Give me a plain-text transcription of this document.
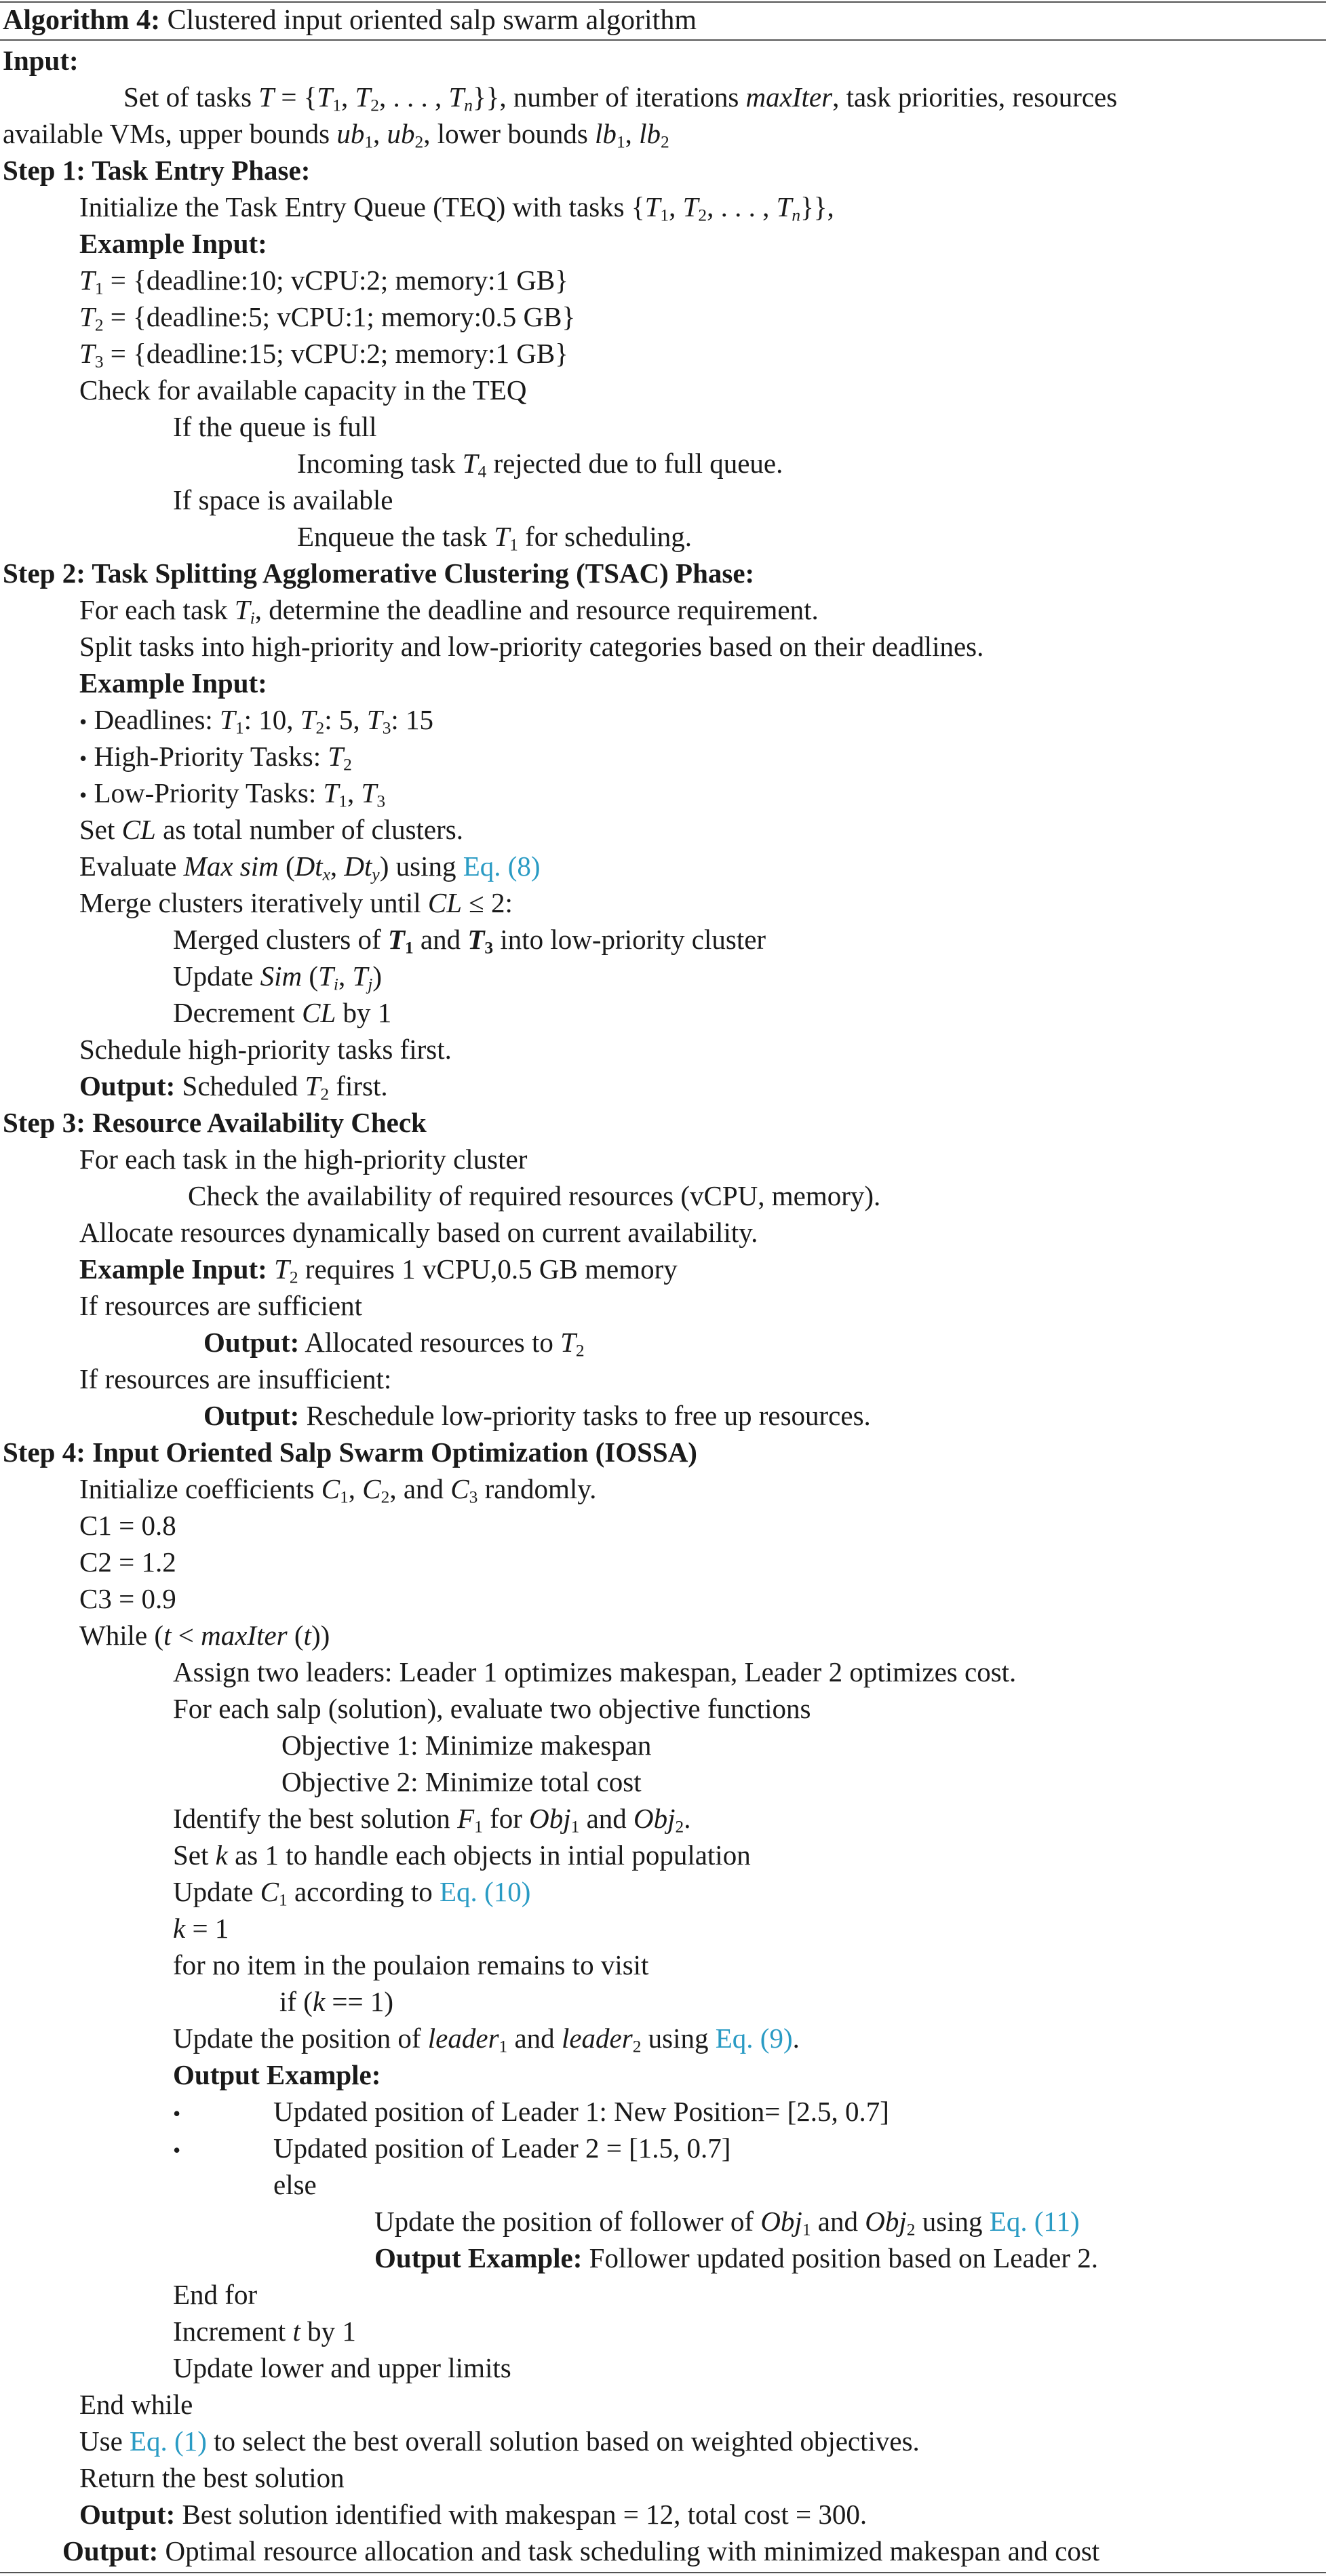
Algorithm 4: Clustered input oriented salp swarm algorithm
Input:
Set of tasks $T = \{T_1$, $T_2$, . . . , $T_n$}}, number of iterations maxIter, task priorities, resources
available VMs, upper bounds $ub_1$, $ub_2$, lower bounds $lb_1$, $lb_2$
Step 1: Task Entry Phase:
Initialize the Task Entry Queue (TEQ) with tasks {$T_1$, $T_2$, . . . , $T_n$}},
Example Input:
$T_1$ = {deadline:10; vCPU:2; memory:1 GB}
$T_2$ = {deadline:5; vCPU:1; memory:0.5 GB}
$T_3$ = {deadline:15; vCPU:2; memory:1 GB}
Check for available capacity in the TEQ
If the queue is full
Incoming task $T_4$ rejected due to full queue.
If space is available
Enqueue the task $T_1$ for scheduling.
Step 2: Task Splitting Agglomerative Clustering (TSAC) Phase:
For each task $T_i$, determine the deadline and resource requirement.
Split tasks into high-priority and low-priority categories based on their deadlines.
Example Input:
• Deadlines: $T_1$: 10, $T_2$: 5, $T_3$: 15
• High-Priority Tasks: $T_2$
• Low-Priority Tasks: $T_1$, $T_3$
Set CL as total number of clusters.
Evaluate Max sim ($Dt_x$, $Dt_y$) using Eq. (8)
Merge clusters iteratively until CL ≤ 2:
Merged clusters of $T_1$ and $T_3$ into low-priority cluster
Update Sim ($T_i$, $T_j$)
Decrement CL by 1
Schedule high-priority tasks first.
Output: Scheduled $T_2$ first.
Step 3: Resource Availability Check
For each task in the high-priority cluster
Check the availability of required resources (vCPU, memory).
Allocate resources dynamically based on current availability.
Example Input: $T_2$ requires 1 vCPU,0.5 GB memory
If resources are sufficient
Output: Allocated resources to $T_2$
If resources are insufficient:
Output: Reschedule low-priority tasks to free up resources.
Step 4: Input Oriented Salp Swarm Optimization (IOSSA)
Initialize coefficients $C_1$, $C_2$, and $C_3$ randomly.
C1 = 0.8
C2 = 1.2
C3 = 0.9
While (t < maxIter (t))
Assign two leaders: Leader 1 optimizes makespan, Leader 2 optimizes cost.
For each salp (solution), evaluate two objective functions
Objective 1: Minimize makespan
Objective 2: Minimize total cost
Identify the best solution $F_1$ for Obj$_1$ and Obj$_2$.
Set k as 1 to handle each objects in intial population
Update $C_1$ according to Eq. (10)
k = 1
for no item in the poulaion remains to visit
if (k == 1)
Update the position of leader$_1$ and leader$_2$ using Eq. (9).
Output Example:
•	Updated position of Leader 1: New Position= [2.5, 0.7]
•	Updated position of Leader 2 = [1.5, 0.7]
else
Update the position of follower of Obj$_1$ and Obj$_2$ using Eq. (11)
Output Example: Follower updated position based on Leader 2.
End for
Increment t by 1
Update lower and upper limits
End while
Use Eq. (1) to select the best overall solution based on weighted objectives.
Return the best solution
Output: Best solution identified with makespan = 12, total cost = 300.
Output: Optimal resource allocation and task scheduling with minimized makespan and cost
